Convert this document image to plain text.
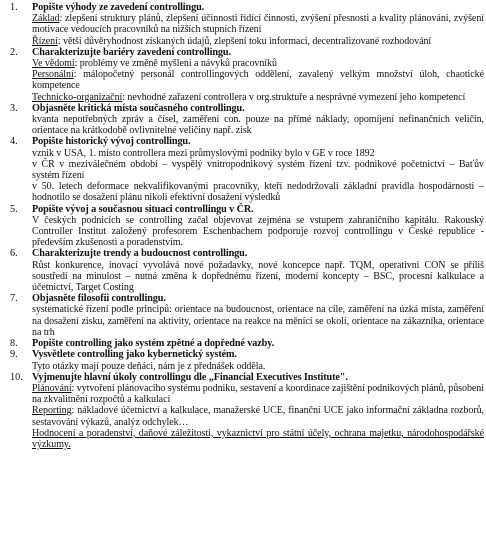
1. Popište výhody ze zavedení controllingu.
Základ: zlepšení struktury plánů, zlepšení účinnosti řídící činnosti, zvýšení přesnosti a kvality plánování, zvýšení motivace vedoucích pracovníků na nižších stupních řízení
Řízení: větší důvěryhodnost získaných údajů, zlepšení toku informací, decentralizované rozhodování
2. Charakterizujte bariéry zavedení controllingu.
Ve vědomí: problémy ve změně myšlení a návyků pracovníků
Personální: málopočetný personál controllingových oddělení, zavalený velkým množství úloh, chaotické kompetence
Technicko-organizační: nevhodné zařazení controllera v org.struktuře a nesprávné vymezení jeho kompetencí
3. Objasněte kritická místa současného controllingu.
kvanta nepotřebných zpráv a čísel, zaměření con. pouze na přímé náklady, opomíjení nefinančních veličin, orientace na krátkodobě ovlivnitelné veličiny např. zisk
4. Popište historický vývoj controllingu.
vznik v USA, 1. místo controllera mezi průmyslovými podniky bylo v GE v roce 1892
v ČR v meziválečném období – vyspělý vnitropodnikový systém řízení tzv. podnikové početnictví – Baťův systém řízení
v 50. letech deformace nekvalifikovanými pracovníky, kteří nedodržovali základní pravidla hospodárnosti – hodnotilo se dosažení plánu nikoli efektivní dosažení výsledků
5. Popište vývoj a současnou situaci controllingu v ČR.
V českých podnicích se controlling začal objevovat zejména se vstupem zahraničního kapitálu. Rakouský Controller Institut založený profesorem Eschenbachem podporuje rozvoj controllingu v České republice - především zkušenosti a poradenstvím.
6. Charakterizujte trendy a budoucnost controllingu.
Růst konkurence, inovací vyvolává nové požadavky, nové koncepce např. TQM, operativní CON se příliš soustředí na minulost – nutná změna k dopřednému řízení, moderní koncepty – BSC, procesní kalkulace a účetnictví, Target Costing
7. Objasněte filosofii controllingu.
systematické řízení podle principů: orientace na budoucnost, orientace na cíle, zaměření na úzká místa, zaměření na dosažení zisku, zaměření na aktivity, orientace na reakce na měnící se okolí, orientace na zákazníka, orientace na trh
8. Popište controlling jako systém zpětné a dopředné vazby.
9. Vysvětlete controlling jako kybernetický systém.
Tyto otázky mají pouze deňáci, nám je z přednášek odděla.
10. Vyjmenujte hlavní úkoly controllingu dle „Financial Executives Institute".
Plánování: vytvoření plánovacího systému podniku, sestavení a koordinace zajištění podnikových plánů, působení na zkvalitnění rozpočtů a kalkulací
Reporting: nákladové účetnictví a kalkulace, manažerské UCE, finanční UCE jako informační základna rozborů, sestavování výkazů, analýz odchylek…
Hodnocení a poradenství, daňové záležitosti, vykaznictví pro státní účely, ochrana majetku, národohospodářské výzkumy.
